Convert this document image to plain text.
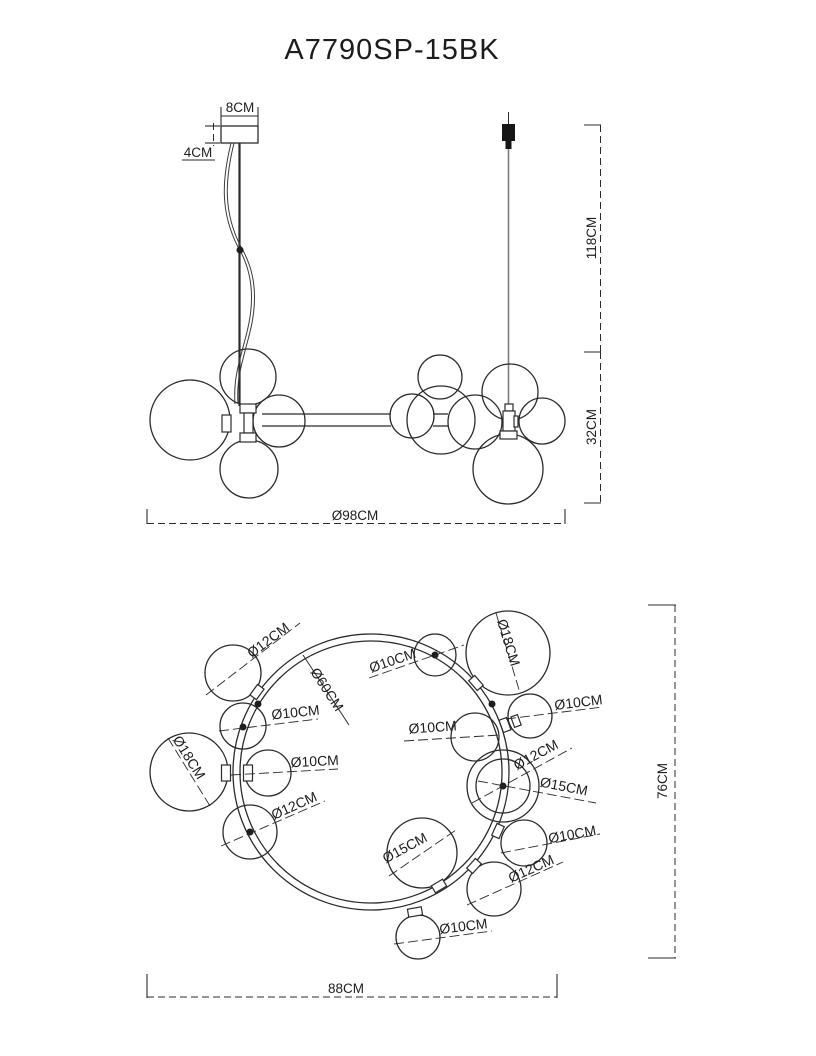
A7790SP-15BK
8CM
4CM
118CM
32CM
Ø98CM
Ø60CM
Ø12CM
Ø10CM
Ø18CM	Ø10CM
Ø12CM
Ø10CM	Ø18CM
Ø10CM
Ø10CM
Ø12CM
Ø15CM
Ø10CM
Ø12CM
Ø15CM
Ø10CM
76CM
88CM
